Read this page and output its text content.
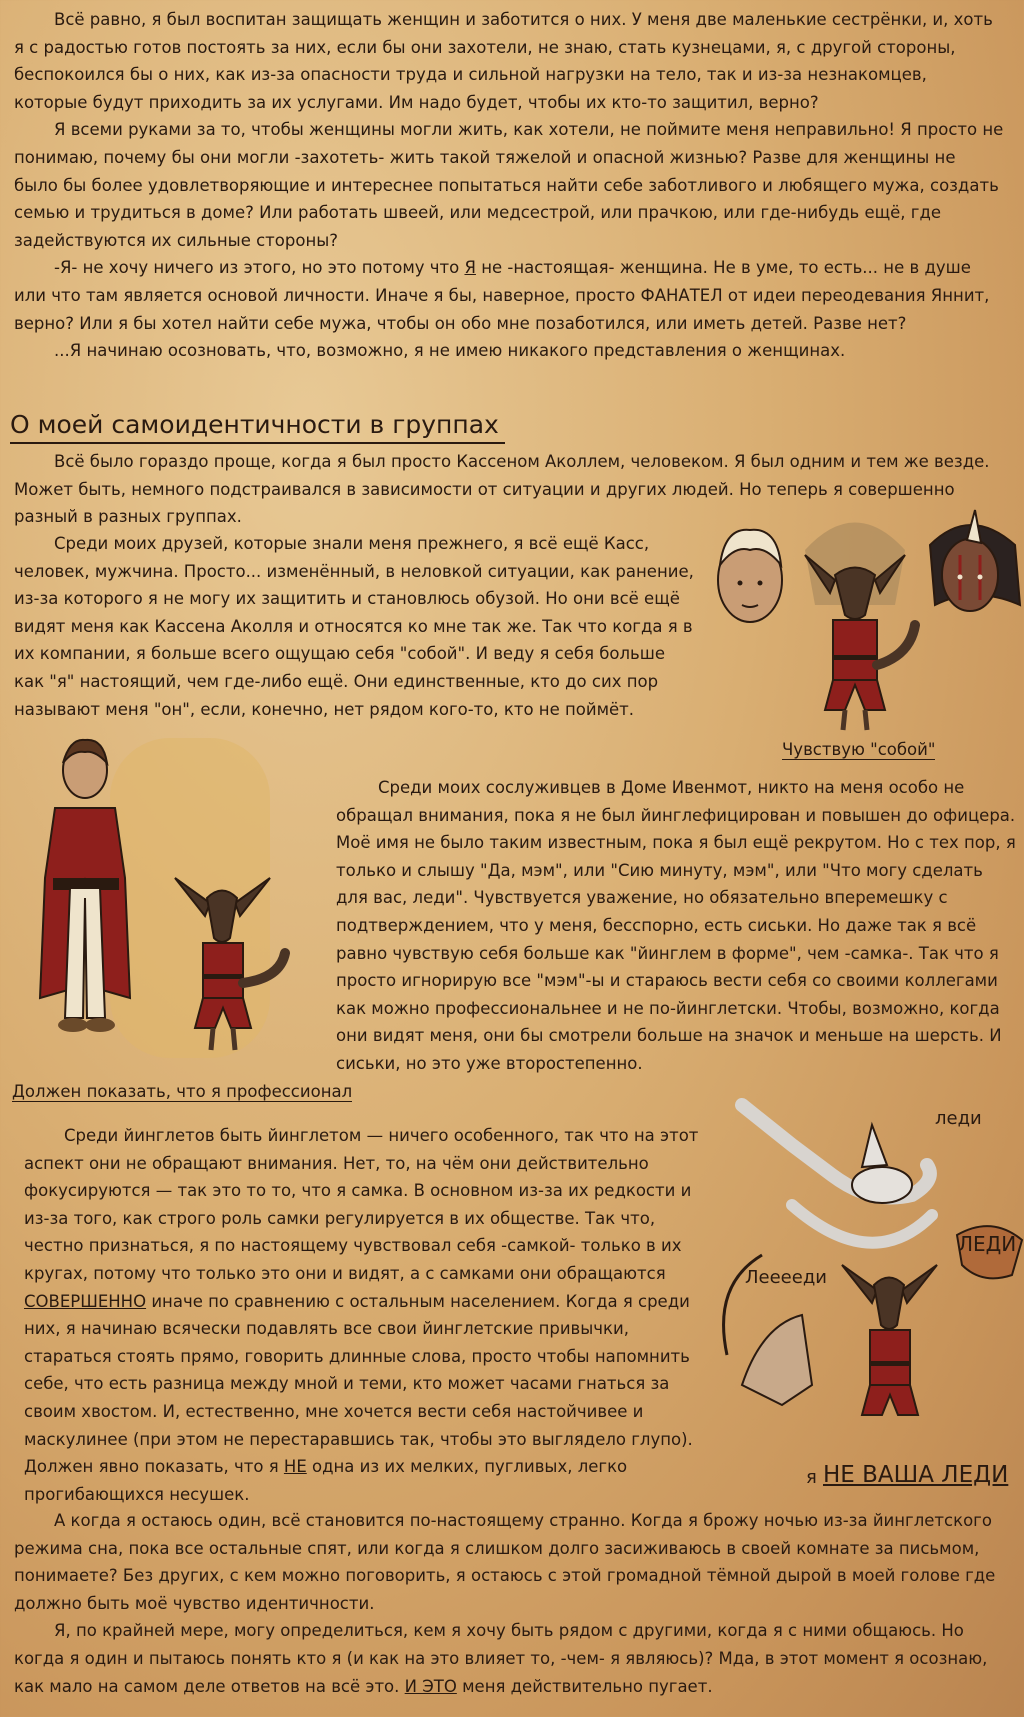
Всё равно, я был воспитан защищать женщин и заботится о них. У меня две маленькие сестрёнки, и, хоть я с радостью готов постоять за них, если бы они захотели, не знаю, стать кузнецами, я, с другой стороны, беспокоился бы о них, как из-за опасности труда и сильной нагрузки на тело, так и из-за незнакомцев, которые будут приходить за их услугами. Им надо будет, чтобы их кто-то защитил, верно?

Я всеми руками за то, чтобы женщины могли жить, как хотели, не поймите меня неправильно! Я просто не понимаю, почему бы они могли -захотеть- жить такой тяжелой и опасной жизнью? Разве для женщины не было бы более удовлетворяющие и интереснее попытаться найти себе заботливого и любящего мужа, создать семью и трудиться в доме? Или работать швеей, или медсестрой, или прачкою, или где-нибудь ещё, где задействуются их сильные стороны?

-Я- не хочу ничего из этого, но это потому что Я не -настоящая- женщина. Не в уме, то есть... не в душе или что там является основой личности. Иначе я бы, наверное, просто ФАНАТЕЛ от идеи переодевания Яннит, верно? Или я бы хотел найти себе мужа, чтобы он обо мне позаботился, или иметь детей. Разве нет?

...Я начинаю осозновать, что, возможно, я не имею никакого представления о женщинах.

О моей самоидентичности в группах
Всё было гораздо проще, когда я был просто Кассеном Аколлем, человеком. Я был одним и тем же везде. Может быть, немного подстраивался в зависимости от ситуации и других людей. Но теперь я совершенно разный в разных группах.
Среди моих друзей, которые знали меня прежнего, я всё ещё Касс, человек, мужчина. Просто... изменённый, в неловкой ситуации, как ранение, из-за которого я не могу их защитить и становлюсь обузой. Но они всё ещё видят меня как Кассена Аколля и относятся ко мне так же. Так что когда я в их компании, я больше всего ощущаю себя "собой". И веду я себя больше как "я" настоящий, чем где-либо ещё. Они единственные, кто до сих пор называют меня "он", если, конечно, нет рядом кого-то, кто не поймёт.
Чувствую "собой"

Среди моих сослуживцев в Доме Ивенмот, никто на меня особо не обращал внимания, пока я не был йинглефицирован и повышен до офицера. Моё имя не было таким известным, пока я был ещё рекрутом. Но с тех пор, я только и слышу "Да, мэм", или "Сию минуту, мэм", или "Что могу сделать для вас, леди". Чувствуется уважение, но обязательно вперемешку с подтверждением, что у меня, бесспорно, есть сиськи. Но даже так я всё равно чувствую себя больше как "йинглем в форме", чем -самка-. Так что я просто игнорирую все "мэм"-ы и стараюсь вести себя со своими коллегами как можно профессиональнее и не по-йинглетски. Чтобы, возможно, когда они видят меня, они бы смотрели больше на значок и меньше на шерсть. И сиськи, но это уже второстепенно.

Должен показать, что я профессионал

Среди йинглетов быть йинглетом — ничего особенного, так что на этот аспект они не обращают внимания. Нет, то, на чём они действительно фокусируются — так это то то, что я самка. В основном из-за их редкости и из-за того, как строго роль самки регулируется в их обществе. Так что, честно признаться, я по настоящему чувствовал себя -самкой- только в их кругах, потому что только это они и видят, а с самками они обращаются СОВЕРШЕННО иначе по сравнению с остальным населением. Когда я среди них, я начинаю всячески подавлять все свои йинглетские привычки, стараться стоять прямо, говорить длинные слова, просто чтобы напомнить себе, что есть разница между мной и теми, кто может часами гнаться за своим хвостом. И, естественно, мне хочется вести себя настойчивее и маскулинее (при этом не перестаравшись так, чтобы это выглядело глупо). Должен явно показать, что я НЕ одна из их мелких, пугливых, легко прогибающихся несушек.

леди
ЛЕДИ
Лееееди
я НЕ ВАША ЛЕДИ

А когда я остаюсь один, всё становится по-настоящему странно. Когда я брожу ночью из-за йинглетского режима сна, пока все остальные спят, или когда я слишком долго засиживаюсь в своей комнате за письмом, понимаете? Без других, с кем можно поговорить, я остаюсь с этой громадной тёмной дырой в моей голове где должно быть моё чувство идентичности.

Я, по крайней мере, могу определиться, кем я хочу быть рядом с другими, когда я с ними общаюсь. Но когда я один и пытаюсь понять кто я (и как на это влияет то, -чем- я являюсь)? Мда, в этот момент я осознаю, как мало на самом деле ответов на всё это. И ЭТО меня действительно пугает.
